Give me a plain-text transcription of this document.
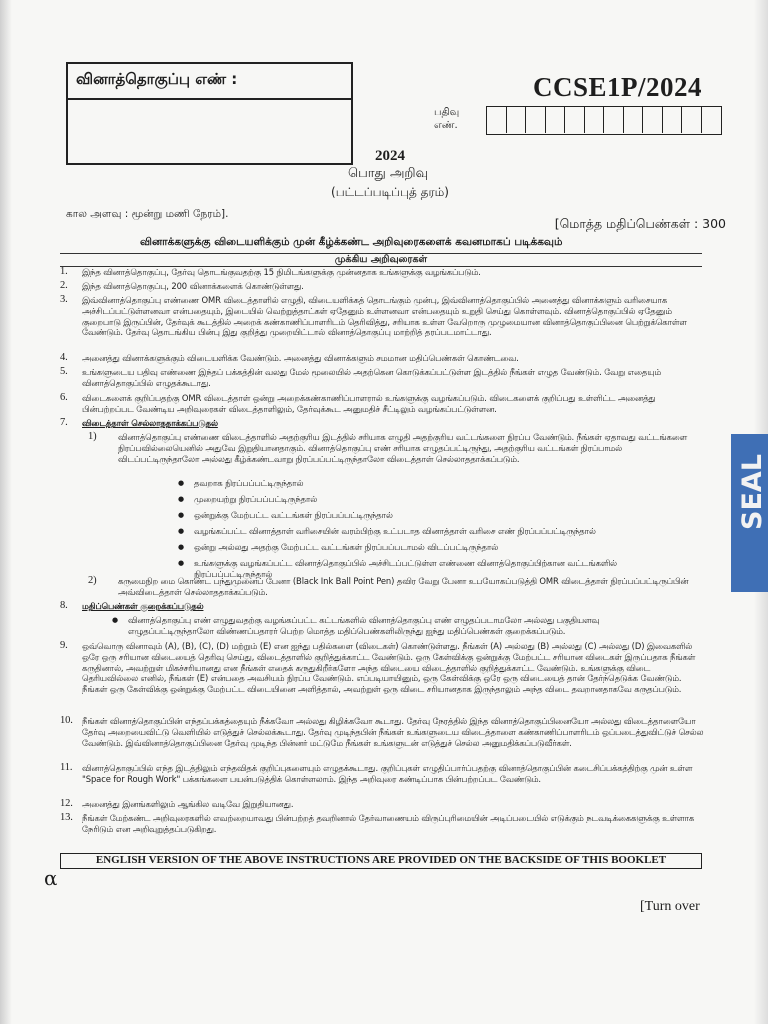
வினாத்தொகுப்பு எண் :	CCSE1P/2024
பதிவு
எண்.
2024
பொது அறிவு
(பட்டப்படிப்புத் தரம்)
கால அளவு : மூன்று மணி நேரம்].
[மொத்த மதிப்பெண்கள் : 300
வினாக்களுக்கு விடையளிக்கும் முன் கீழ்க்கண்ட அறிவுரைகளைக் கவனமாகப் படிக்கவும்
முக்கிய அறிவுரைகள்
1.	இந்த வினாத்தொகுப்பு, தேர்வு தொடங்குவதற்கு 15 நிமிடங்களுக்கு முன்னதாக உங்களுக்கு வழங்கப்படும்.
2.	இந்த வினாத்தொகுப்பு, 200 வினாக்களைக் கொண்டுள்ளது.
3.	இவ்வினாத்தொகுப்பு எண்ணை OMR விடைத்தாளில் எழுதி, விடையளிக்கத் தொடங்கும் முன்பு, இவ்வினாத்தொகுப்பில் அனைத்து வினாக்களும் வரிசையாக அச்சிடப்பட்டுள்ளனவா என்பதையும், இடையில் வெற்றுத்தாட்கள் ஏதேனும் உள்ளனவா என்பதையும் உறுதி செய்து கொள்ளவும். வினாத்தொகுப்பில் ஏதேனும் குறைபாடு இருப்பின், தேர்வுக் கூடத்தில் அறைக் கண்காணிப்பாளரிடம் தெரிவித்து, சரியாக உள்ள வேறொரு முழுமையான வினாத்தொகுப்பினை பெற்றுக்கொள்ள வேண்டும். தேர்வு தொடங்கிய பின்பு இது குறித்து முறையிட்டால் வினாத்தொகுப்பு மாற்றித் தரப்படமாட்டாது.
4.	அனைத்து வினாக்களுக்கும் விடையளிக்க வேண்டும். அனைத்து வினாக்களும் சமமான மதிப்பெண்கள் கொண்டவை.
5.	உங்களுடைய பதிவு எண்ணை இந்தப் பக்கத்தின் வலது மேல் மூலையில் அதற்கென கொடுக்கப்பட்டுள்ள இடத்தில் நீங்கள் எழுத வேண்டும். வேறு எதையும் வினாத்தொகுப்பில் எழுதக்கூடாது.
6.	விடைகளைக் குறிப்பதற்கு OMR விடைத்தாள் ஒன்று அறைக்கண்காணிப்பாளரால் உங்களுக்கு வழங்கப்படும். விடைகளைக் குறிப்பது உள்ளிட்ட அனைத்து பின்பற்றப்பட வேண்டிய அறிவுரைகள் விடைத்தாளிலும், தேர்வுக்கூட அனுமதிச் சீட்டிலும் வழங்கப்பட்டுள்ளன.
7.	விடைத்தாள் செல்லாததாக்கப்படுதல்
1)	வினாத்தொகுப்பு எண்ணை விடைத்தாளில் அதற்குரிய இடத்தில் சரியாக எழுதி அதற்குரிய வட்டங்களை நிரப்ப வேண்டும். நீங்கள் ஏதாவது வட்டங்களை நிரப்பவில்லையெனில் அதுவே இறுதியானதாகும். வினாத்தொகுப்பு எண் சரியாக எழுதப்பட்டிருந்து, அதற்குரிய வட்டங்கள் நிரப்பாமல் விடப்பட்டிருந்தாலோ அல்லது கீழ்க்கண்டவாறு நிரப்பப்பட்டிருந்தாலோ விடைத்தாள் செல்லாததாக்கப்படும்.
● தவறாக நிரப்பப்பட்டிருந்தால்
● முறையற்று நிரப்பப்பட்டிருந்தால்
● ஒன்றுக்கு மேற்பட்ட வட்டங்கள் நிரப்பப்பட்டிருந்தால்
● வழங்கப்பட்ட வினாத்தாள் வரிசையின் வரம்பிற்கு உட்படாத வினாத்தாள் வரிசை எண் நிரப்பப்பட்டிருந்தால்
● ஒன்று அல்லது அதற்கு மேற்பட்ட வட்டங்கள் நிரப்பப்படாமல் விடப்பட்டிருந்தால்
● உங்களுக்கு வழங்கப்பட்ட வினாத்தொகுப்பில் அச்சிடப்பட்டுள்ள எண்ணை வினாத்தொகுப்பிற்கான வட்டங்களில் நிரப்பப்பட்டிருந்தால்
2)	கருமைநிற மை கொண்ட பந்துமுனைப் பேனா (Black Ink Ball Point Pen) தவிர வேறு பேனா உபயோகப்படுத்தி OMR விடைத்தாள் நிரப்பப்பட்டிருப்பின் அவ்விடைத்தாள் செல்லாததாக்கப்படும்.
8.	மதிப்பெண்கள் குறைக்கப்படுதல்
● வினாத்தொகுப்பு எண் எழுதுவதற்கு வழங்கப்பட்ட கட்டங்களில் வினாத்தொகுப்பு எண் எழுதப்படாமலோ அல்லது பகுதியளவு எழுதப்பட்டிருந்தாலோ விண்ணப்பதாரர் பெற்ற மொத்த மதிப்பெண்களிலிருந்து ஐந்து மதிப்பெண்கள் குறைக்கப்படும்.
9.	ஒவ்வொரு வினாவும் (A), (B), (C), (D) மற்றும் (E) என ஐந்து பதில்களை (விடைகள்) கொண்டுள்ளது. நீங்கள் (A) அல்லது (B) அல்லது (C) அல்லது (D) இவைகளில் ஒரே ஒரு சரியான விடையைத் தெரிவு செய்து, விடைத்தாளில் குறித்துக்காட்ட வேண்டும். ஒரு கேள்விக்கு ஒன்றுக்கு மேற்பட்ட சரியான விடைகள் இருப்பதாக நீங்கள் கருதினால், அவற்றுள் மிகச்சரியானது என நீங்கள் எதைக் கருதுகிறீர்களோ அந்த விடையை விடைத்தாளில் குறித்துக்காட்ட வேண்டும். உங்களுக்கு விடை தெரியவில்லை எனில், நீங்கள் (E) என்பதை அவசியம் நிரப்ப வேண்டும். எப்படியாயினும், ஒரு கேள்விக்கு ஒரே ஒரு விடையைத் தான் தேர்ந்தெடுக்க வேண்டும். நீங்கள் ஒரு கேள்விக்கு ஒன்றுக்கு மேற்பட்ட விடையினை அளித்தால், அவற்றுள் ஒரு விடை சரியானதாக இருந்தாலும் அந்த விடை தவறானதாகவே கருதப்படும்.
10.	நீங்கள் வினாத்தொகுப்பின் எந்தப்பக்கத்தையும் நீக்கவோ அல்லது கிழிக்கவோ கூடாது. தேர்வு நேரத்தில் இந்த வினாத்தொகுப்பினையோ அல்லது விடைத்தாளையோ தேர்வு அறையைவிட்டு வெளியில் எடுத்துச் செல்லக்கூடாது. தேர்வு முடிந்தபின் நீங்கள் உங்களுடைய விடைத்தாளை கண்காணிப்பாளரிடம் ஒப்படைத்துவிட்டுச் செல்ல வேண்டும். இவ்வினாத்தொகுப்பினை தேர்வு முடிந்த பின்னர் மட்டுமே நீங்கள் உங்களுடன் எடுத்துச் செல்ல அனுமதிக்கப்படுவீர்கள்.
11.	வினாத்தொகுப்பில் எந்த இடத்திலும் எந்தவிதக் குறிப்புகளையும் எழுதக்கூடாது. குறிப்புகள் எழுதிப்பார்ப்பதற்கு வினாத்தொகுப்பின் கடைசிப்பக்கத்திற்கு முன் உள்ள "Space for Rough Work" பக்கங்களை பயன்படுத்திக் கொள்ளலாம். இந்த அறிவுரை கண்டிப்பாக பின்பற்றப்பட வேண்டும்.
12.	அனைத்து இனங்களிலும் ஆங்கில வடிவே இறுதியானது.
13.	நீங்கள் மேற்கண்ட அறிவுரைகளில் எவற்றையாவது பின்பற்றத் தவறினால் தேர்வாணையம் விருப்புரிமையின் அடிப்படையில் எடுக்கும் நடவடிக்கைகளுக்கு உள்ளாக நேரிடும் என அறிவுறுத்தப்படுகிறது.
ENGLISH VERSION OF THE ABOVE INSTRUCTIONS ARE PROVIDED ON THE BACKSIDE OF THIS BOOKLET
α
[Turn over
SEAL
